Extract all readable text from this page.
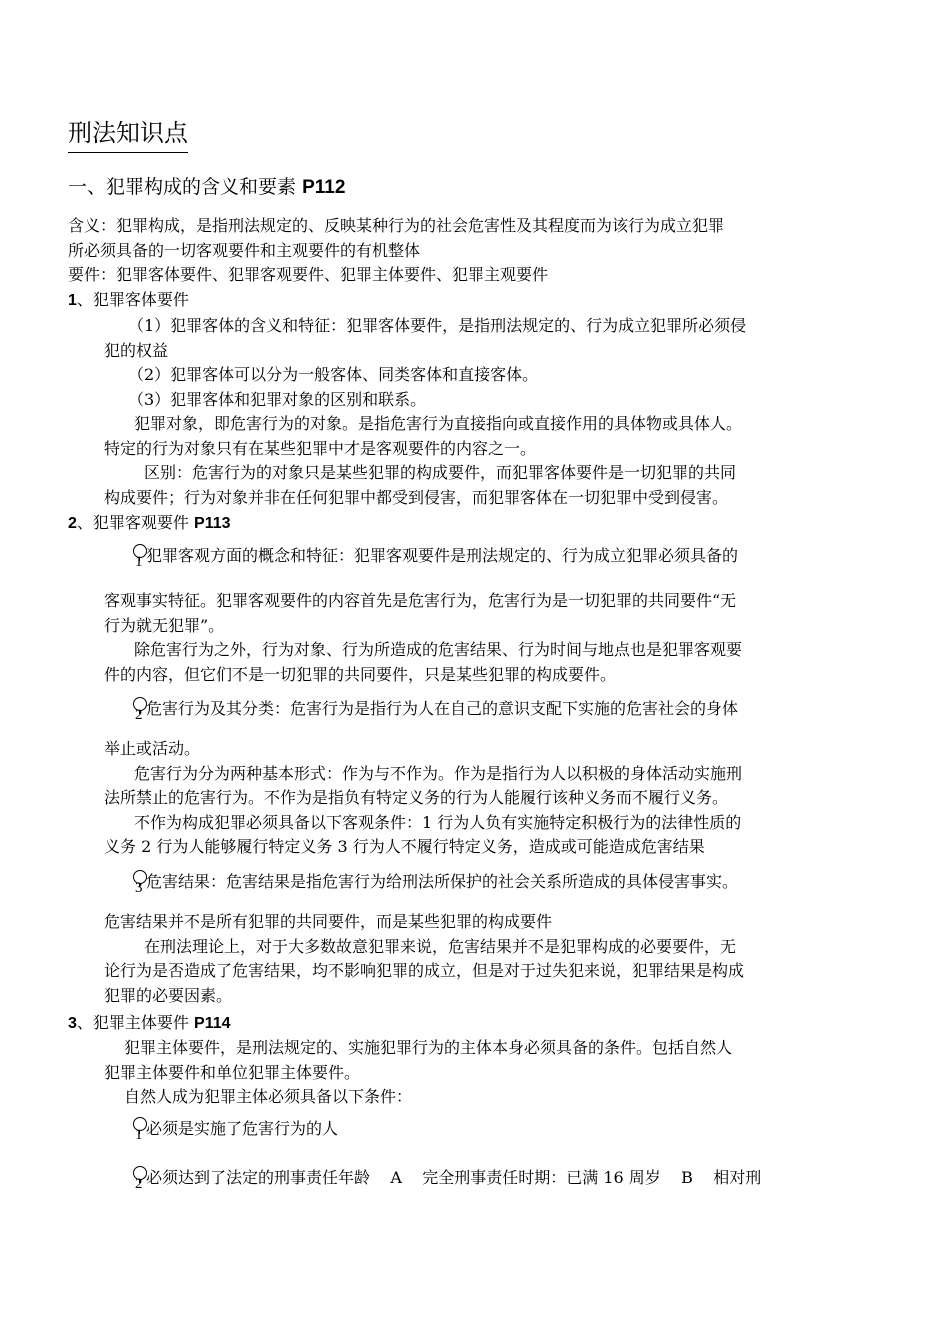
刑法知识点
一、犯罪构成的含义和要素 P112
含义：犯罪构成，是指刑法规定的、反映某种行为的社会危害性及其程度而为该行为成立犯罪
所必须具备的一切客观要件和主观要件的有机整体
要件：犯罪客体要件、犯罪客观要件、犯罪主体要件、犯罪主观要件
1、犯罪客体要件
（1）犯罪客体的含义和特征：犯罪客体要件，是指刑法规定的、行为成立犯罪所必须侵
犯的权益
（2）犯罪客体可以分为一般客体、同类客体和直接客体。
（3）犯罪客体和犯罪对象的区别和联系。
犯罪对象，即危害行为的对象。是指危害行为直接指向或直接作用的具体物或具体人。
特定的行为对象只有在某些犯罪中才是客观要件的内容之一。
区别：危害行为的对象只是某些犯罪的构成要件，而犯罪客体要件是一切犯罪的共同
构成要件；行为对象并非在任何犯罪中都受到侵害，而犯罪客体在一切犯罪中受到侵害。
2、犯罪客观要件 P113
1 犯罪客观方面的概念和特征：犯罪客观要件是刑法规定的、行为成立犯罪必须具备的
客观事实特征。犯罪客观要件的内容首先是危害行为，危害行为是一切犯罪的共同要件“无
行为就无犯罪”。
除危害行为之外，行为对象、行为所造成的危害结果、行为时间与地点也是犯罪客观要
件的内容，但它们不是一切犯罪的共同要件，只是某些犯罪的构成要件。
2 危害行为及其分类：危害行为是指行为人在自己的意识支配下实施的危害社会的身体
举止或活动。
危害行为分为两种基本形式：作为与不作为。作为是指行为人以积极的身体活动实施刑
法所禁止的危害行为。不作为是指负有特定义务的行为人能履行该种义务而不履行义务。
不作为构成犯罪必须具备以下客观条件：1 行为人负有实施特定积极行为的法律性质的
义务 2 行为人能够履行特定义务 3 行为人不履行特定义务，造成或可能造成危害结果
3 危害结果：危害结果是指危害行为给刑法所保护的社会关系所造成的具体侵害事实。
危害结果并不是所有犯罪的共同要件，而是某些犯罪的构成要件
在刑法理论上，对于大多数故意犯罪来说，危害结果并不是犯罪构成的必要要件，无
论行为是否造成了危害结果，均不影响犯罪的成立，但是对于过失犯来说，犯罪结果是构成
犯罪的必要因素。
3、犯罪主体要件 P114
犯罪主体要件，是刑法规定的、实施犯罪行为的主体本身必须具备的条件。包括自然人
犯罪主体要件和单位犯罪主体要件。
自然人成为犯罪主体必须具备以下条件：
1 必须是实施了危害行为的人
2 必须达到了法定的刑事责任年龄    A    完全刑事责任时期：已满 16 周岁    B    相对刑
